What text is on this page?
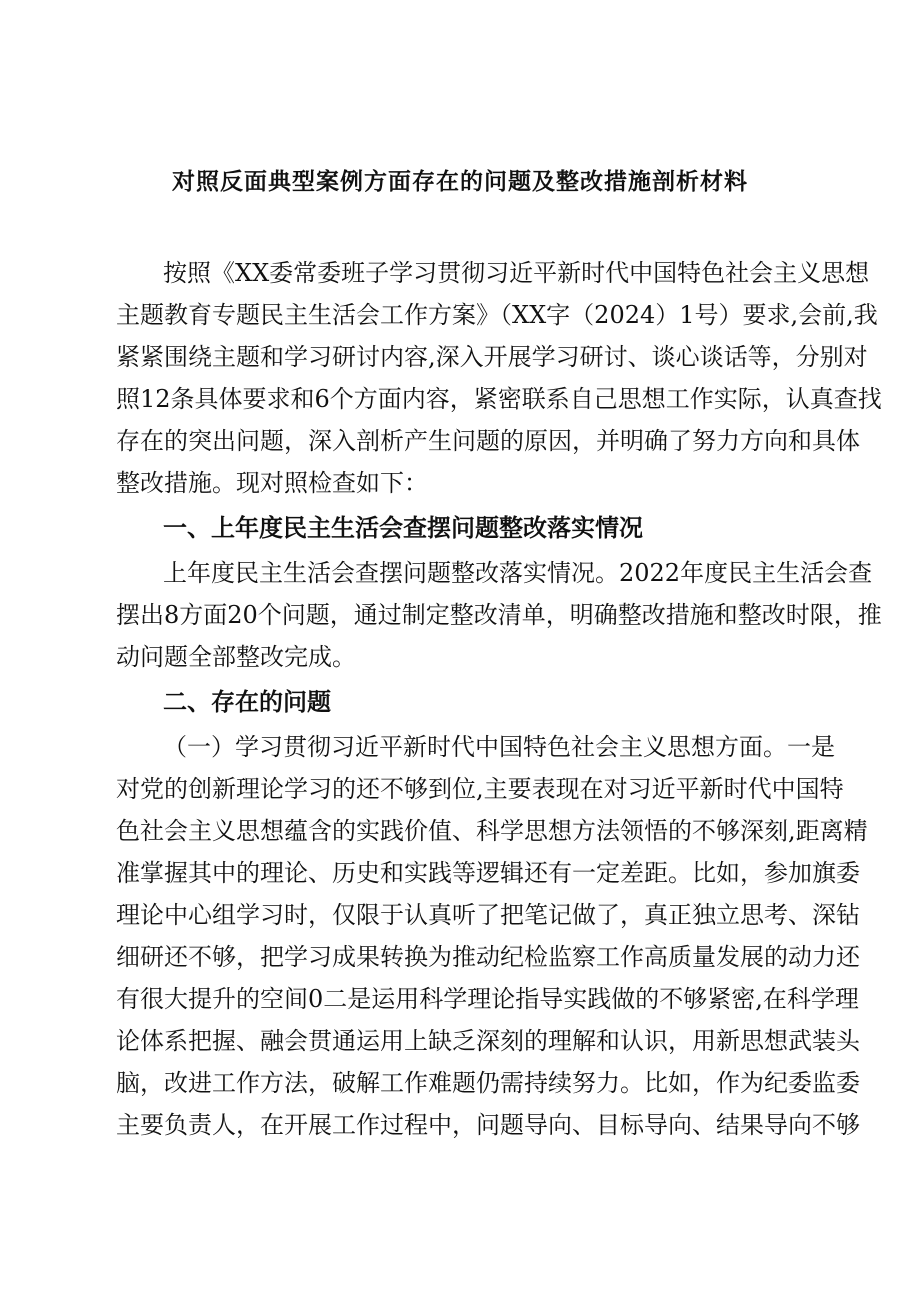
对照反面典型案例方面存在的问题及整改措施剖析材料
按照《XX委常委班子学习贯彻习近平新时代中国特色社会主义思想
主题教育专题民主生活会工作方案》（XX字（2024）1号）要求,会前,我
紧紧围绕主题和学习研讨内容,深入开展学习研讨、谈心谈话等，分别对
照12条具体要求和6个方面内容，紧密联系自己思想工作实际，认真查找
存在的突出问题，深入剖析产生问题的原因，并明确了努力方向和具体
整改措施。现对照检查如下：
一、上年度民主生活会查摆问题整改落实情况
上年度民主生活会查摆问题整改落实情况。2022年度民主生活会查
摆出8方面20个问题，通过制定整改清单，明确整改措施和整改时限，推
动问题全部整改完成。
二、存在的问题
（一）学习贯彻习近平新时代中国特色社会主义思想方面。一是
对党的创新理论学习的还不够到位,主要表现在对习近平新时代中国特
色社会主义思想蕴含的实践价值、科学思想方法领悟的不够深刻,距离精
准掌握其中的理论、历史和实践等逻辑还有一定差距。比如，参加旗委
理论中心组学习时，仅限于认真听了把笔记做了，真正独立思考、深钻
细研还不够，把学习成果转换为推动纪检监察工作高质量发展的动力还
有很大提升的空间0二是运用科学理论指导实践做的不够紧密,在科学理
论体系把握、融会贯通运用上缺乏深刻的理解和认识，用新思想武装头
脑，改进工作方法，破解工作难题仍需持续努力。比如，作为纪委监委
主要负责人，在开展工作过程中，问题导向、目标导向、结果导向不够
